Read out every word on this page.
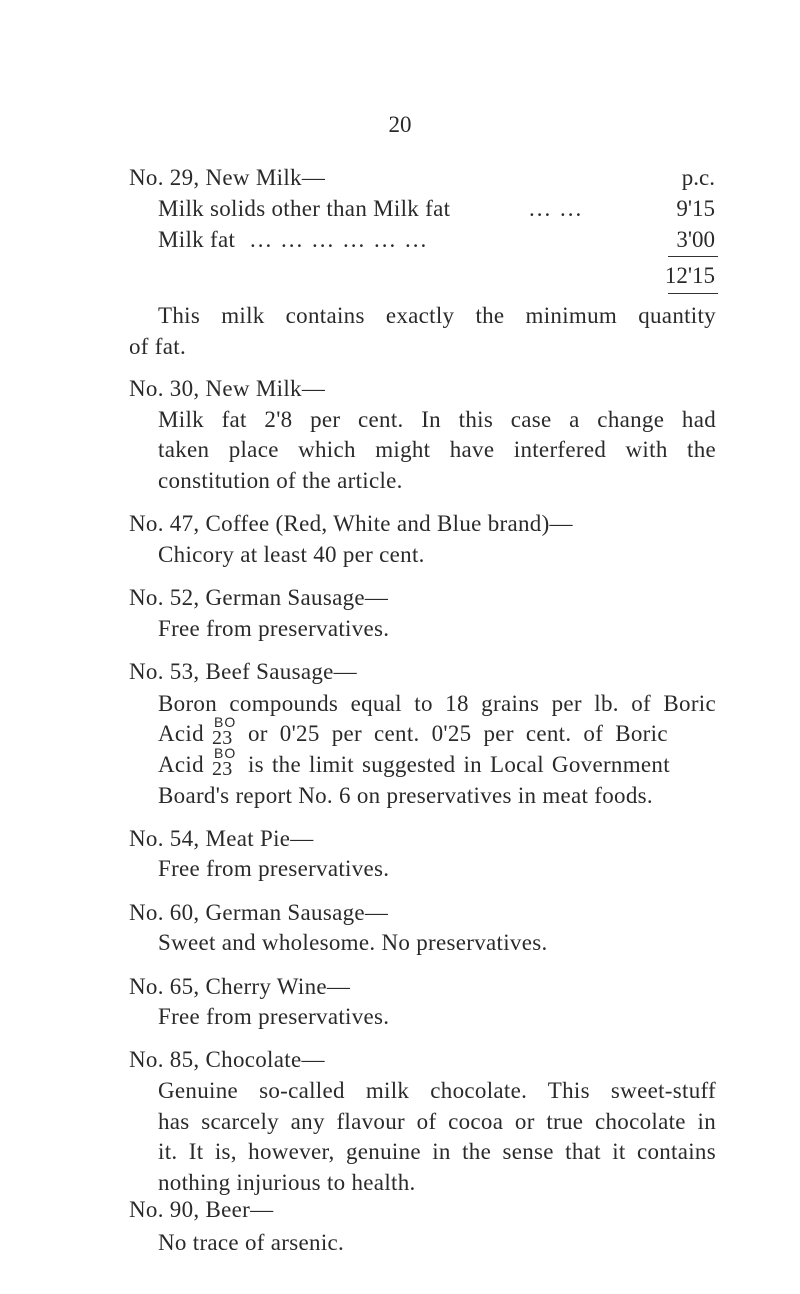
20
No. 29, New Milk—	p.c.
Milk solids other than Milk fat	... ...	9'15
Milk fat ... ... ... ... ... ...	3'00
12'15
This milk contains exactly the minimum quantity
of fat.
No. 30, New Milk—
Milk fat 2'8 per cent. In this case a change had
taken place which might have interfered with the
constitution of the article.
No. 47, Coffee (Red, White and Blue brand)—
Chicory at least 40 per cent.
No. 52, German Sausage—
Free from preservatives.
No. 53, Beef Sausage—
Boron compounds equal to 18 grains per lb. of Boric
Acid BO
23 or 0'25 per cent. 0'25 per cent. of Boric
Acid BO
23 is the limit suggested in Local Government
Board's report No. 6 on preservatives in meat foods.
No. 54, Meat Pie—
Free from preservatives.
No. 60, German Sausage—
Sweet and wholesome. No preservatives.
No. 65, Cherry Wine—
Free from preservatives.
No. 85, Chocolate—
Genuine so-called milk chocolate. This sweet-stuff
has scarcely any flavour of cocoa or true chocolate in
it. It is, however, genuine in the sense that it contains
nothing injurious to health.
No. 90, Beer—
No trace of arsenic.
